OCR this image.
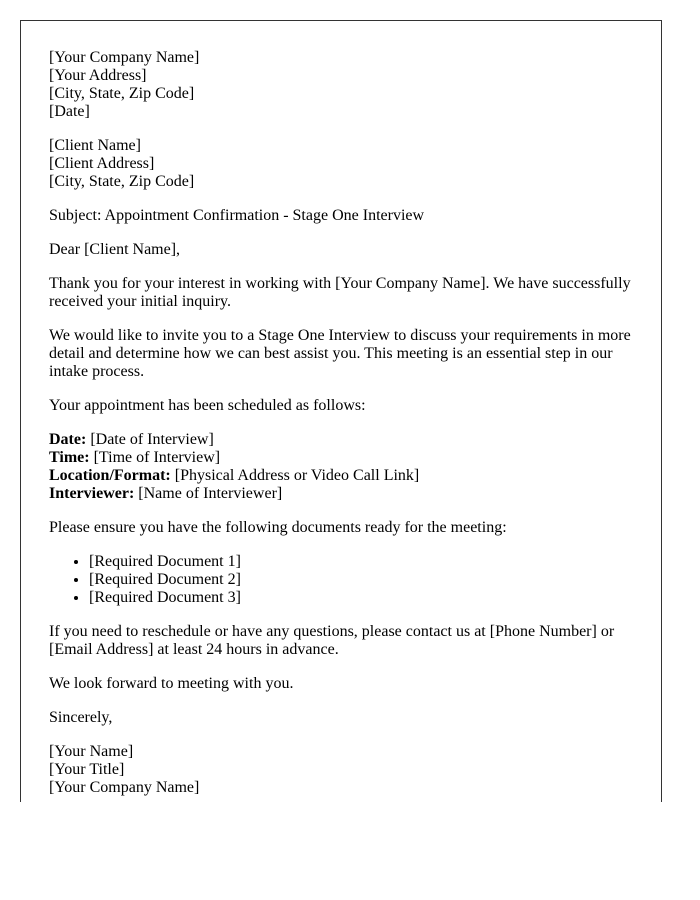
[Your Company Name]
[Your Address]
[City, State, Zip Code]
[Date]

[Client Name]
[Client Address]
[City, State, Zip Code]

Subject: Appointment Confirmation - Stage One Interview

Dear [Client Name],

Thank you for your interest in working with [Your Company Name]. We have successfully received your initial inquiry.

We would like to invite you to a Stage One Interview to discuss your requirements in more detail and determine how we can best assist you. This meeting is an essential step in our intake process.

Your appointment has been scheduled as follows:

Date: [Date of Interview]
Time: [Time of Interview]
Location/Format: [Physical Address or Video Call Link]
Interviewer: [Name of Interviewer]

Please ensure you have the following documents ready for the meeting:

• [Required Document 1]
• [Required Document 2]
• [Required Document 3]

If you need to reschedule or have any questions, please contact us at [Phone Number] or [Email Address] at least 24 hours in advance.

We look forward to meeting with you.

Sincerely,

[Your Name]
[Your Title]
[Your Company Name]
